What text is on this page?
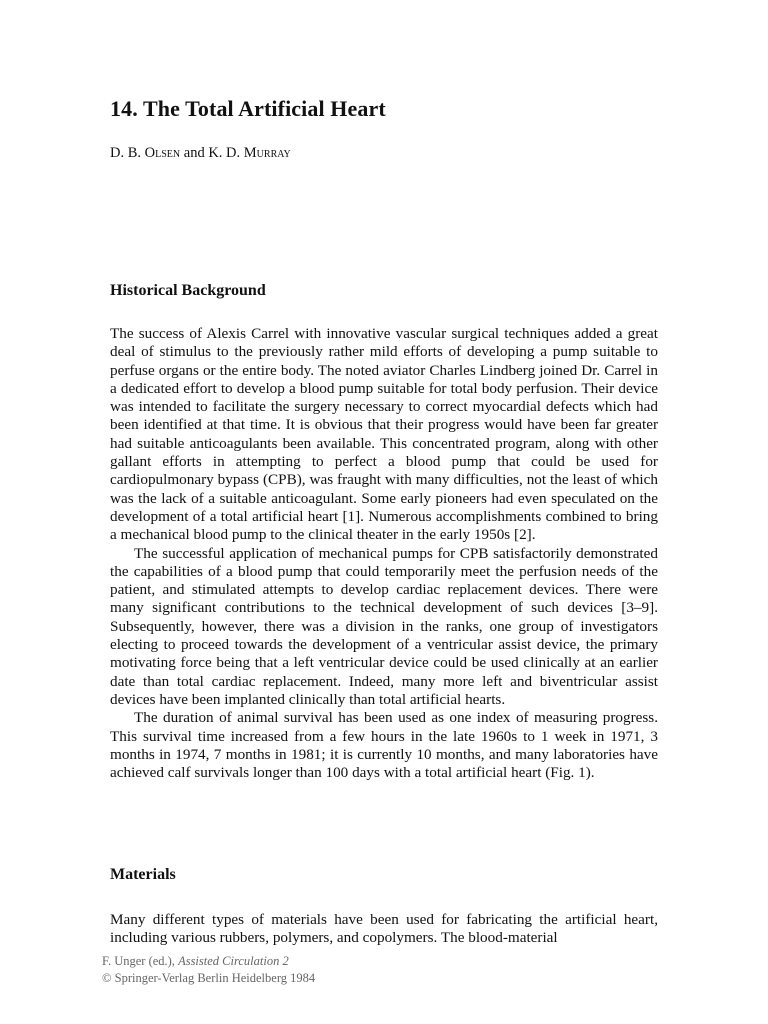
14. The Total Artificial Heart

D. B. Olsen and K. D. Murray

Historical Background

The success of Alexis Carrel with innovative vascular surgical techniques added a great deal of stimulus to the previously rather mild efforts of developing a pump suitable to perfuse organs or the entire body. The noted aviator Charles Lindberg joined Dr. Carrel in a dedicated effort to develop a blood pump suitable for total body perfusion. Their device was intended to facilitate the surgery necessary to correct myocardial defects which had been identified at that time. It is obvious that their progress would have been far greater had suitable anticoagulants been available. This concentrated program, along with other gallant efforts in attempting to perfect a blood pump that could be used for cardiopulmonary bypass (CPB), was fraught with many difficulties, not the least of which was the lack of a suitable anticoagulant. Some early pioneers had even speculated on the development of a total artificial heart [1]. Numerous accomplishments combined to bring a mechanical blood pump to the clinical theater in the early 1950s [2].

The successful application of mechanical pumps for CPB satisfactorily demonstrated the capabilities of a blood pump that could temporarily meet the perfusion needs of the patient, and stimulated attempts to develop cardiac replacement devices. There were many significant contributions to the technical development of such devices [3–9]. Subsequently, however, there was a division in the ranks, one group of investigators electing to proceed towards the development of a ventricular assist device, the primary motivating force being that a left ventricular device could be used clinically at an earlier date than total cardiac replacement. Indeed, many more left and biventricular assist devices have been implanted clinically than total artificial hearts.

The duration of animal survival has been used as one index of measuring progress. This survival time increased from a few hours in the late 1960s to 1 week in 1971, 3 months in 1974, 7 months in 1981; it is currently 10 months, and many laboratories have achieved calf survivals longer than 100 days with a total artificial heart (Fig. 1).

Materials

Many different types of materials have been used for fabricating the artificial heart, including various rubbers, polymers, and copolymers. The blood-material

F. Unger (ed.), Assisted Circulation 2
© Springer-Verlag Berlin Heidelberg 1984
